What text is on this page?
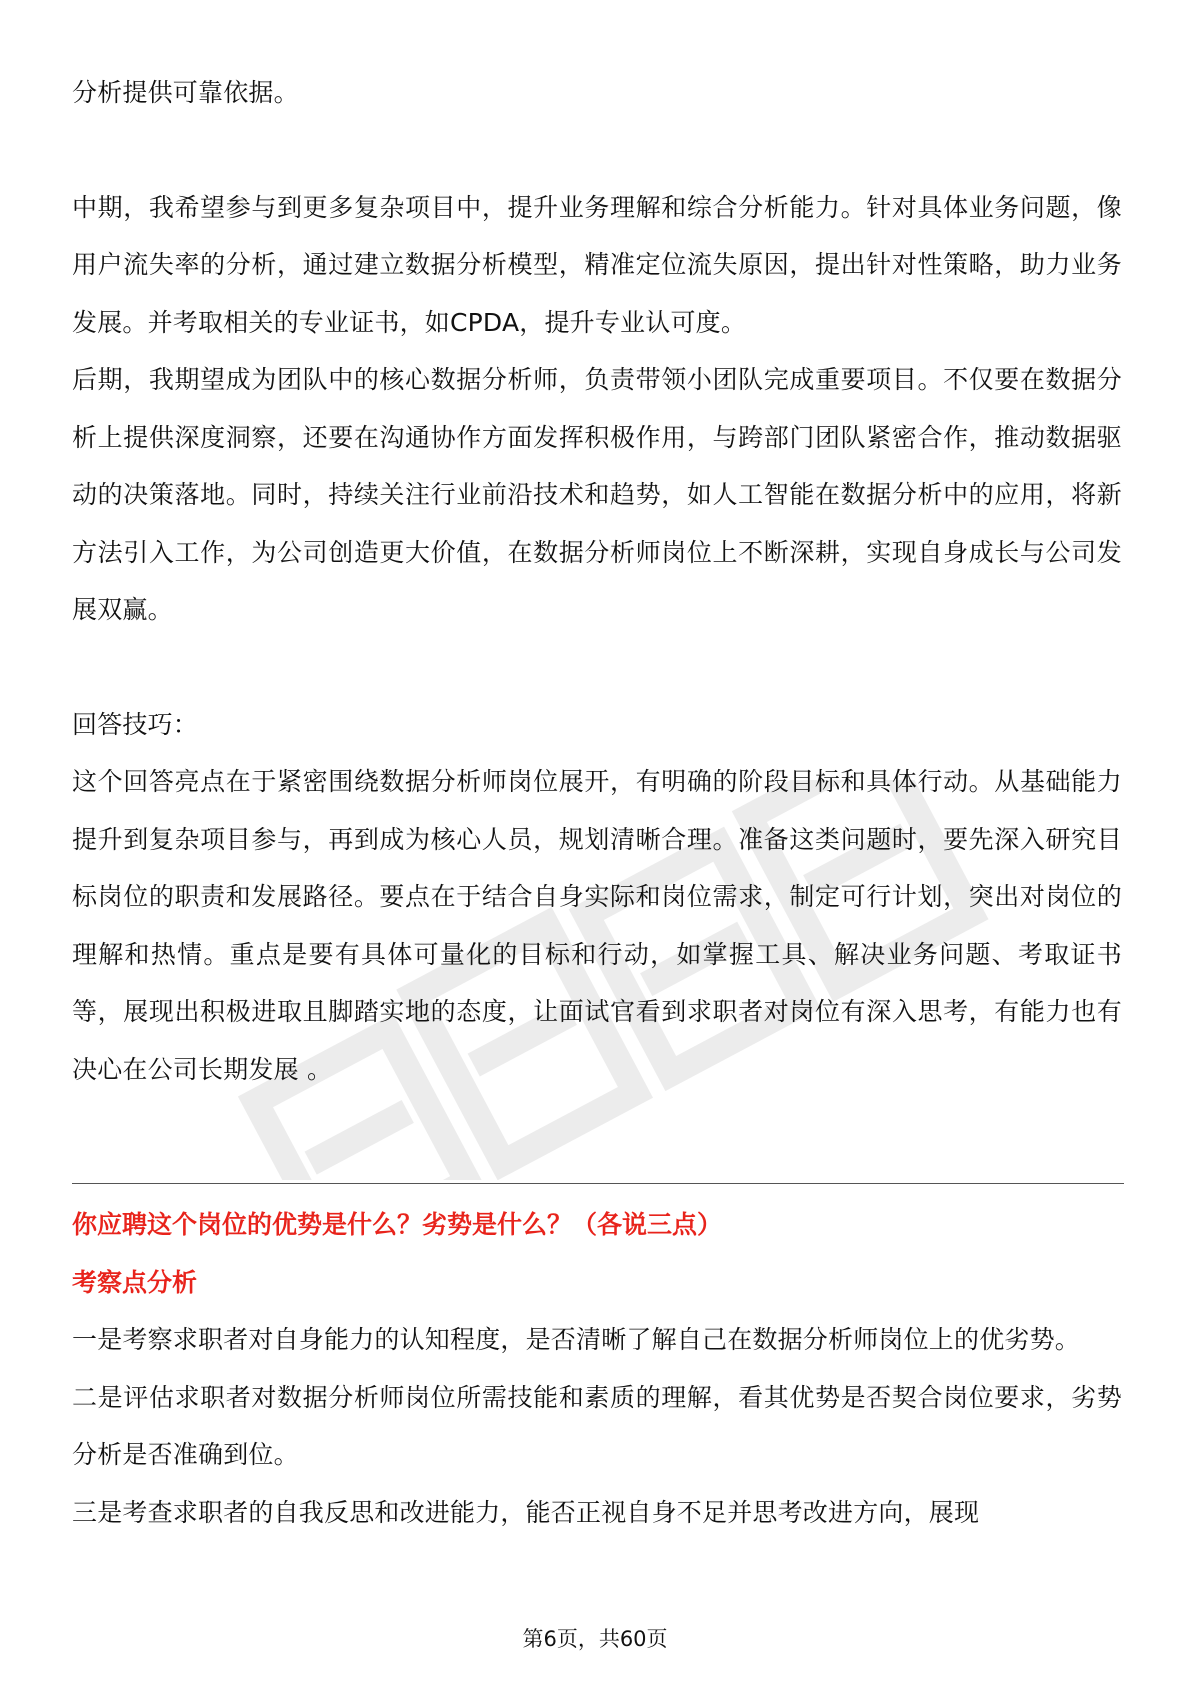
分析提供可靠依据。

中期，我希望参与到更多复杂项目中，提升业务理解和综合分析能力。针对具体业务问题，像用户流失率的分析，通过建立数据分析模型，精准定位流失原因，提出针对性策略，助力业务发展。并考取相关的专业证书，如CPDA，提升专业认可度。

后期，我期望成为团队中的核心数据分析师，负责带领小团队完成重要项目。不仅要在数据分析上提供深度洞察，还要在沟通协作方面发挥积极作用，与跨部门团队紧密合作，推动数据驱动的决策落地。同时，持续关注行业前沿技术和趋势，如人工智能在数据分析中的应用，将新方法引入工作，为公司创造更大价值，在数据分析师岗位上不断深耕，实现自身成长与公司发展双赢。

回答技巧：

这个回答亮点在于紧密围绕数据分析师岗位展开，有明确的阶段目标和具体行动。从基础能力提升到复杂项目参与，再到成为核心人员，规划清晰合理。准备这类问题时，要先深入研究目标岗位的职责和发展路径。要点在于结合自身实际和岗位需求，制定可行计划，突出对岗位的理解和热情。重点是要有具体可量化的目标和行动，如掌握工具、解决业务问题、考取证书等，展现出积极进取且脚踏实地的态度，让面试官看到求职者对岗位有深入思考，有能力也有决心在公司长期发展 。

你应聘这个岗位的优势是什么？劣势是什么？（各说三点）

考察点分析

一是考察求职者对自身能力的认知程度，是否清晰了解自己在数据分析师岗位上的优劣势。

二是评估求职者对数据分析师岗位所需技能和素质的理解，看其优势是否契合岗位要求，劣势分析是否准确到位。

三是考查求职者的自我反思和改进能力，能否正视自身不足并思考改进方向，展现

第6页，共60页
